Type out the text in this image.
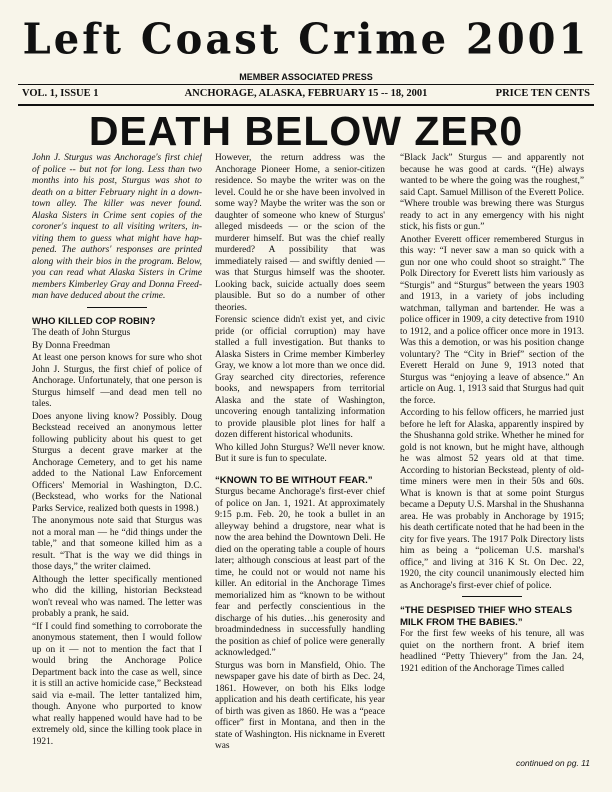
Left Coast Crime 2001
MEMBER ASSOCIATED PRESS
VOL. 1, ISSUE 1	ANCHORAGE, ALASKA, FEBRUARY 15 -- 18, 2001	PRICE TEN CENTS
DEATH BELOW ZER0

John J. Sturgus was Anchorage's first chief of police -- but not for long. Less than two months into his post, Sturgus was shot to death on a bitter February night in a down-town alley. The killer was never found. Alaska Sisters in Crime sent copies of the coroner's inquest to all visiting writers, in-viting them to guess what might have hap-pened. The authors' responses are printed along with their bios in the program. Below, you can read what Alaska Sisters in Crime members Kimberley Gray and Donna Freed-man have deduced about the crime.

WHO KILLED COP ROBIN?

The death of John Sturgus

By Donna Freedman

At least one person knows for sure who shot John J. Sturgus, the first chief of police of Anchorage. Unfortunately, that one person is Sturgus himself —and dead men tell no tales.

Does anyone living know? Possibly. Doug Beckstead received an anonymous letter following publicity about his quest to get Sturgus a decent grave marker at the Anchorage Cemetery, and to get his name added to the National Law Enforcement Officers' Memorial in Washington, D.C. (Beckstead, who works for the National Parks Service, realized both quests in 1998.)

The anonymous note said that Sturgus was not a moral man — he “did things under the table,” and that someone killed him as a result. “That is the way we did things in those days,” the writer claimed.

Although the letter specifically mentioned who did the killing, historian Beckstead won't reveal who was named. The letter was probably a prank, he said.

“If I could find something to corroborate the anonymous statement, then I would follow up on it — not to mention the fact that I would bring the Anchorage Police Department back into the case as well, since it is still an active homicide case,” Beckstead said via e-mail. The letter tantalized him, though. Anyone who purported to know what really happened would have had to be extremely old, since the killing took place in 1921.

However, the return address was the Anchorage Pioneer Home, a senior-citizen residence. So maybe the writer was on the level. Could he or she have been involved in some way? Maybe the writer was the son or daughter of someone who knew of Sturgus' alleged misdeeds — or the scion of the murderer himself. But was the chief really murdered? A possibility that was immediately raised — and swiftly denied — was that Sturgus himself was the shooter. Looking back, suicide actually does seem plausible. But so do a number of other theories.

Forensic science didn't exist yet, and civic pride (or official corruption) may have stalled a full investigation. But thanks to Alaska Sisters in Crime member Kimberley Gray, we know a lot more than we once did. Gray searched city directories, reference books, and newspapers from territorial Alaska and the state of Washington, uncovering enough tantalizing information to provide plausible plot lines for half a dozen different historical whodunits.

Who killed John Sturgus? We'll never know. But it sure is fun to speculate.

“KNOWN TO BE WITHOUT FEAR.”

Sturgus became Anchorage's first-ever chief of police on Jan. 1, 1921. At approximately 9:15 p.m. Feb. 20, he took a bullet in an alleyway behind a drugstore, near what is now the area behind the Downtown Deli. He died on the operating table a couple of hours later; although conscious at least part of the time, he could not or would not name his killer. An editorial in the Anchorage Times memorialized him as “known to be without fear and perfectly conscientious in the discharge of his duties…his generosity and broadmindedness in successfully handling the position as chief of police were generally acknowledged.”

Sturgus was born in Mansfield, Ohio. The newspaper gave his date of birth as Dec. 24, 1861. However, on both his Elks lodge application and his death certificate, his year of birth was given as 1860. He was a “peace officer” first in Montana, and then in the state of Washington. His nickname in Everett was

“Black Jack” Sturgus — and apparently not because he was good at cards. “(He) always wanted to be where the going was the roughest,” said Capt. Samuel Millison of the Everett Police. “Where trouble was brewing there was Sturgus ready to act in any emergency with his night stick, his fists or gun.”

Another Everett officer remembered Sturgus in this way: “I never saw a man so quick with a gun nor one who could shoot so straight.” The Polk Directory for Everett lists him variously as “Sturgis” and “Sturgus” between the years 1903 and 1913, in a variety of jobs including watchman, tallyman and bartender. He was a police officer in 1909, a city detective from 1910 to 1912, and a police officer once more in 1913. Was this a demotion, or was his position change voluntary? The “City in Brief” section of the Everett Herald on June 9, 1913 noted that Sturgus was “enjoying a leave of absence.” An article on Aug. 1, 1913 said that Sturgus had quit the force.

According to his fellow officers, he married just before he left for Alaska, apparently inspired by the Shushanna gold strike. Whether he mined for gold is not known, but he might have, although he was almost 52 years old at that time. According to historian Beckstead, plenty of old-time miners were men in their 50s and 60s. What is known is that at some point Sturgus became a Deputy U.S. Marshal in the Shushanna area. He was probably in Anchorage by 1915; his death certificate noted that he had been in the city for five years. The 1917 Polk Directory lists him as being a “policeman U.S. marshal's office,” and living at 316 K St. On Dec. 22, 1920, the city council unanimously elected him as Anchorage's first-ever chief of police.

“THE DESPISED THIEF WHO STEALS MILK FROM THE BABIES.”

For the first few weeks of his tenure, all was quiet on the northern front. A brief item headlined “Petty Thievery” from the Jan. 24, 1921 edition of the Anchorage Times called

continued on pg. 11
